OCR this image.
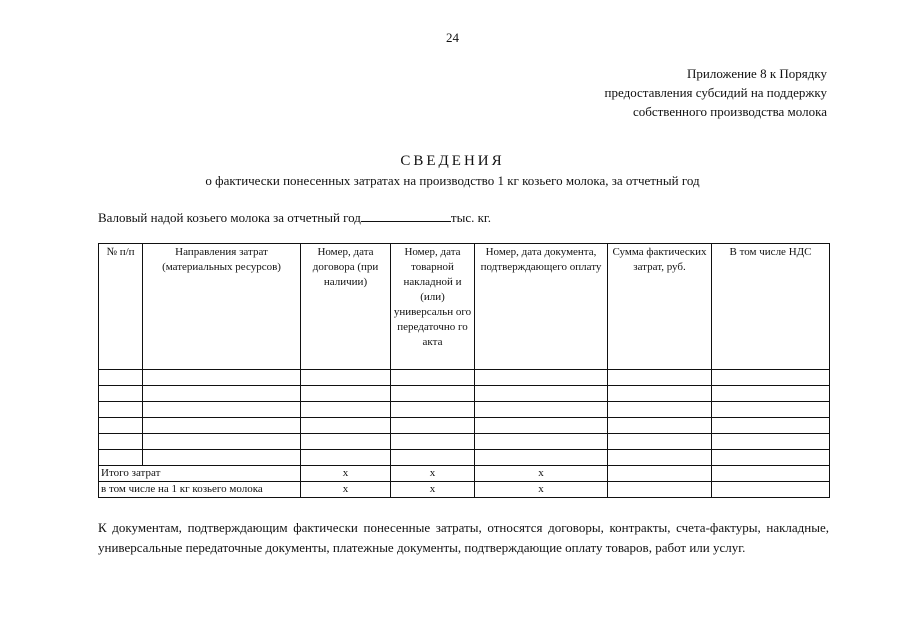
24
Приложение 8 к Порядку
предоставления субсидий на поддержку
собственного производства молока
СВЕДЕНИЯ
о фактически понесенных затратах на производство 1 кг козьего молока, за отчетный год
Валовый надой козьего молока за отчетный год	тыс. кг.
№ п/п	Направления затрат (материальных ресурсов)	Номер, дата договора (при наличии)	Номер, дата товарной накладной и (или) универсальн ого передаточно го акта	Номер, дата документа, подтверждающего оплату	Сумма фактических затрат, руб.	В том числе НДС

Итого затрат		x	x	x		
в том числе на 1 кг козьего молока		x	x	x		

К документам, подтверждающим фактически понесенные затраты, относятся договоры, контракты, счета-фактуры, накладные, универсальные передаточные документы, платежные документы, подтверждающие оплату товаров, работ или услуг.
